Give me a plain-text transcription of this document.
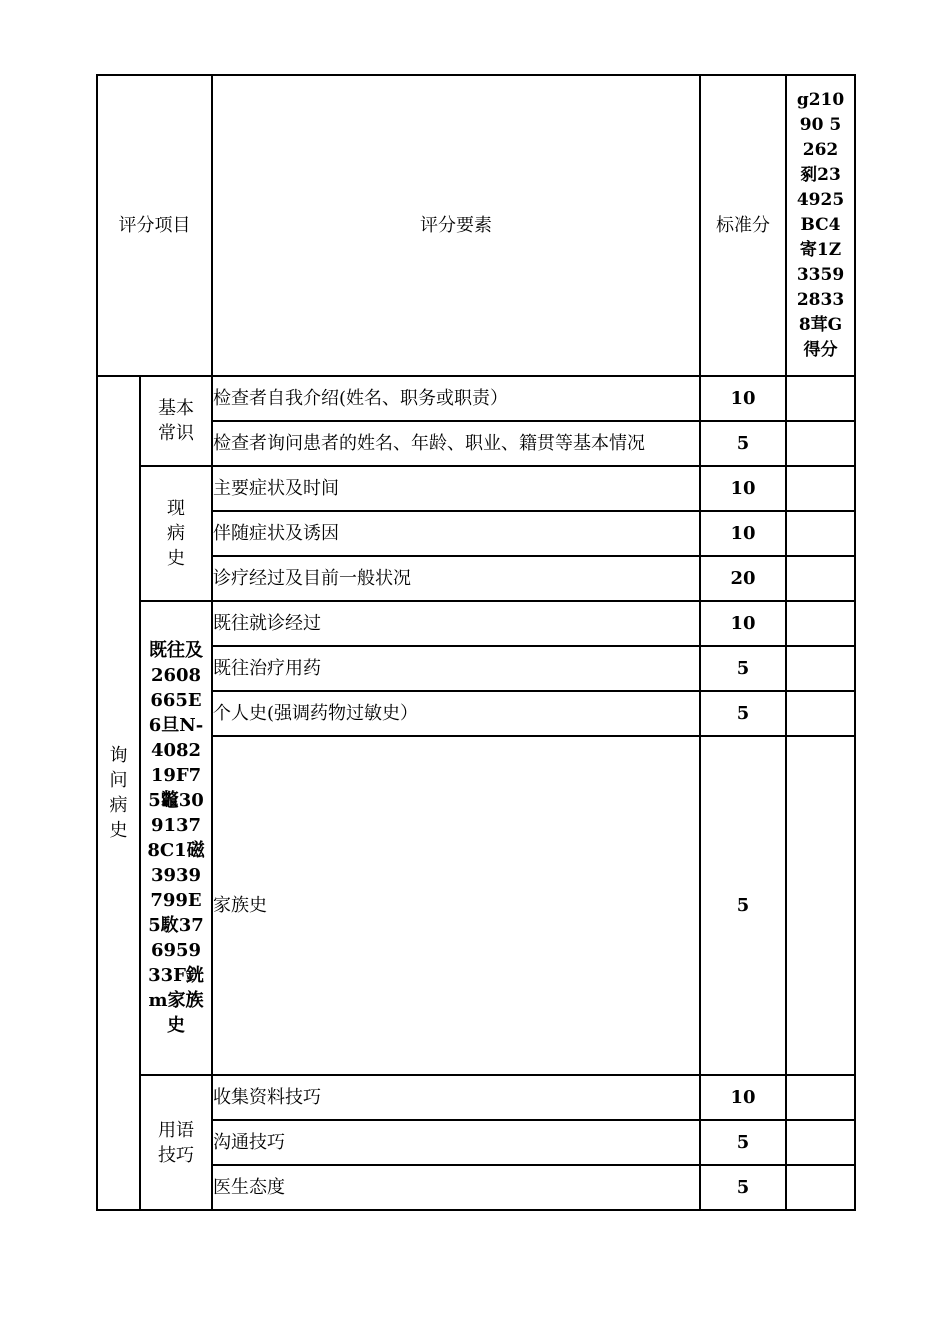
评分项目		评分要素	标准分	g21090 5262剢234925BC4寄1Z335928338茸G得分

询问病史	基本常识	检查者自我介绍(姓名、职务或职责）	10	
		检查者询问患者的姓名、年龄、职业、籍贯等基本情况	5	

	现病史	主要症状及时间	10	
		伴随症状及诱因	10	
		诊疗经过及目前一般状况	20	

	既往及2608665E6旦N-408219F75龞3091378C1磁3939799E5駇37695933F銧m家族史	既往就诊经过	10	
		既往治疗用药	5	
		个人史(强调药物过敏史）	5	
		家族史	5	

	用语技巧	收集资料技巧	10	
		沟通技巧	5	
		医生态度	5	
